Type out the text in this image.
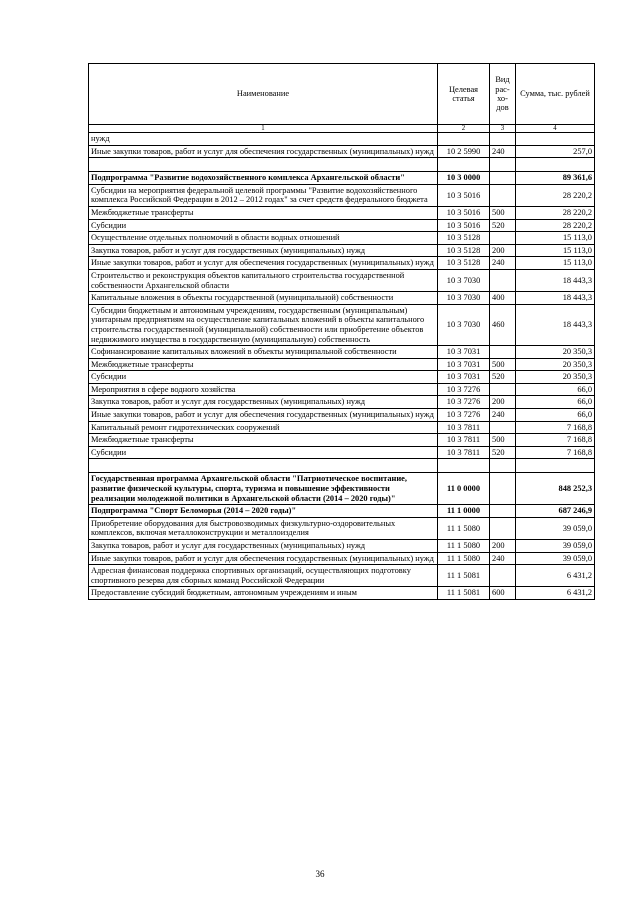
Наименование	Целевая статья	Вид рас- хо- дов	Сумма, тыс. рублей
1	2	3	4
нужд			
Иные закупки товаров, работ и услуг для обеспечения государственных (муниципальных) нужд	10 2 5990	240	257,0

Подпрограмма "Развитие водохозяйственного комплекса Архангельской области"	10 3 0000		89 361,6
Субсидии на мероприятия федеральной целевой программы "Развитие водохозяйственного комплекса Российской Федерации в 2012 – 2012 годах" за счет средств федерального бюджета	10 3 5016		28 220,2
Межбюджетные трансферты	10 3 5016	500	28 220,2
Субсидии	10 3 5016	520	28 220,2
Осуществление отдельных полномочий в области водных отношений	10 3 5128		15 113,0
Закупка товаров, работ и услуг для государственных (муниципальных) нужд	10 3 5128	200	15 113,0
Иные закупки товаров, работ и услуг для обеспечения государственных (муниципальных) нужд	10 3 5128	240	15 113,0
Строительство и реконструкция объектов капитального строительства государственной собственности Архангельской области	10 3 7030		18 443,3
Капитальные вложения в объекты государственной (муниципальной) собственности	10 3 7030	400	18 443,3
Субсидии бюджетным и автономным учреждениям, государственным (муниципальным) унитарным предприятиям на осуществление капитальных вложений в объекты капитального строительства государственной (муниципальной) собственности или приобретение объектов недвижимого имущества в государственную (муниципальную) собственность	10 3 7030	460	18 443,3
Софинансирование капитальных вложений в объекты муниципальной собственности	10 3 7031		20 350,3
Межбюджетные трансферты	10 3 7031	500	20 350,3
Субсидии	10 3 7031	520	20 350,3
Мероприятия в сфере водного хозяйства	10 3 7276		66,0
Закупка товаров, работ и услуг для государственных (муниципальных) нужд	10 3 7276	200	66,0
Иные закупки товаров, работ и услуг для обеспечения государственных (муниципальных) нужд	10 3 7276	240	66,0
Капитальный ремонт гидротехнических сооружений	10 3 7811		7 168,8
Межбюджетные трансферты	10 3 7811	500	7 168,8
Субсидии	10 3 7811	520	7 168,8

Государственная программа Архангельской области "Патриотическое воспитание, развитие физической культуры, спорта, туризма и повышение эффективности реализации молодежной политики в Архангельской области (2014 – 2020 годы)"	11 0 0000		848 252,3
Подпрограмма "Спорт Беломорья (2014 – 2020 годы)"	11 1 0000		687 246,9
Приобретение оборудования для быстровозводимых физкультурно-оздоровительных комплексов, включая металлоконструкции и металлоизделия	11 1 5080		39 059,0
Закупка товаров, работ и услуг для государственных (муниципальных) нужд	11 1 5080	200	39 059,0
Иные закупки товаров, работ и услуг для обеспечения государственных (муниципальных) нужд	11 1 5080	240	39 059,0
Адресная финансовая поддержка спортивных организаций, осуществляющих подготовку спортивного резерва для сборных команд Российской Федерации	11 1 5081		6 431,2
Предоставление субсидий бюджетным, автономным учреждениям и иным	11 1 5081	600	6 431,2
36
